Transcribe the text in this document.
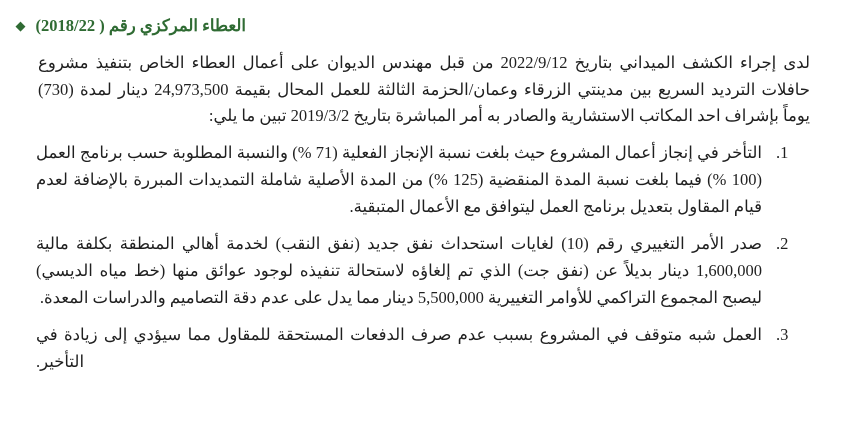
العطاء المركزي رقم ( 2018/22)
◆

لدى إجراء الكشف الميداني بتاريخ 2022/9/12 من قبل مهندس الديوان على أعمال العطاء الخاص بتنفيذ مشروع حافلات الترديد السريع بين مدينتي الزرقاء وعمان/الحزمة الثالثة للعمل المحال بقيمة 24,973,500 دينار لمدة (730) يوماً بإشراف احد المكاتب الاستشارية والصادر به أمر المباشرة بتاريخ 2019/3/2 تبين ما يلي:

1.
التأخر في إنجاز أعمال المشروع حيث بلغت نسبة الإنجاز الفعلية (71 %) والنسبة المطلوبة حسب برنامج العمل (100 %) فيما بلغت نسبة المدة المنقضية (125 %) من المدة الأصلية شاملة التمديدات المبررة بالإضافة لعدم قيام المقاول بتعديل برنامج العمل ليتوافق مع الأعمال المتبقية.
2.
صدر الأمر التغييري رقم (10) لغايات استحداث نفق جديد (نفق النقب) لخدمة أهالي المنطقة بكلفة مالية 1,600,000 دينار بديلاً عن (نفق جت) الذي تم إلغاؤه لاستحالة تنفيذه لوجود عوائق منها (خط مياه الديسي) ليصبح المجموع التراكمي للأوامر التغييرية 5,500,000 دينار مما يدل على عدم دقة التصاميم والدراسات المعدة.
3.
العمل شبه متوقف في المشروع بسبب عدم صرف الدفعات المستحقة للمقاول مما سيؤدي إلى زيادة في التأخير.
